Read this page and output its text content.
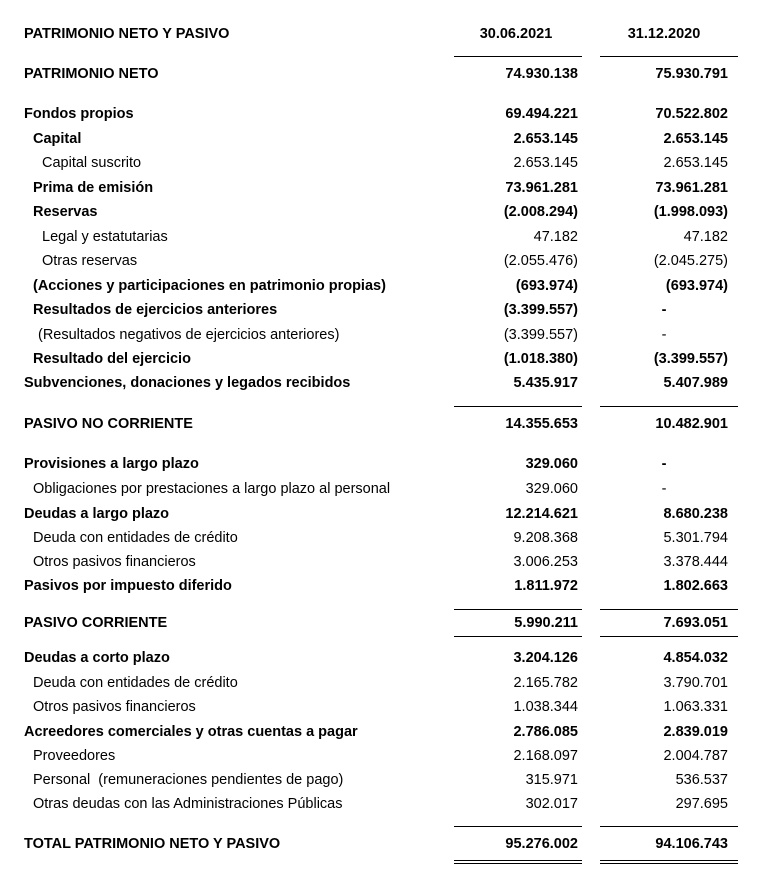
PATRIMONIO NETO Y PASIVO	30.06.2021	31.12.2020
PATRIMONIO NETO	74.930.138	75.930.791
Fondos propios	69.494.221	70.522.802
Capital	2.653.145	2.653.145
Capital suscrito	2.653.145	2.653.145
Prima de emisión	73.961.281	73.961.281
Reservas	(2.008.294)	(1.998.093)
Legal y estatutarias	47.182	47.182
Otras reservas	(2.055.476)	(2.045.275)
(Acciones y participaciones en patrimonio propias)	(693.974)	(693.974)
Resultados de ejercicios anteriores	(3.399.557)	-
(Resultados negativos de ejercicios anteriores)	(3.399.557)	-
Resultado del ejercicio	(1.018.380)	(3.399.557)
Subvenciones, donaciones y legados recibidos	5.435.917	5.407.989
PASIVO NO CORRIENTE	14.355.653	10.482.901
Provisiones a largo plazo	329.060	-
Obligaciones por prestaciones a largo plazo al personal	329.060	-
Deudas a largo plazo	12.214.621	8.680.238
Deuda con entidades de crédito	9.208.368	5.301.794
Otros pasivos financieros	3.006.253	3.378.444
Pasivos por impuesto diferido	1.811.972	1.802.663
PASIVO CORRIENTE	5.990.211	7.693.051
Deudas a corto plazo	3.204.126	4.854.032
Deuda con entidades de crédito	2.165.782	3.790.701
Otros pasivos financieros	1.038.344	1.063.331
Acreedores comerciales y otras cuentas a pagar	2.786.085	2.839.019
Proveedores	2.168.097	2.004.787
Personal  (remuneraciones pendientes de pago)	315.971	536.537
Otras deudas con las Administraciones Públicas	302.017	297.695
TOTAL PATRIMONIO NETO Y PASIVO	95.276.002	94.106.743
